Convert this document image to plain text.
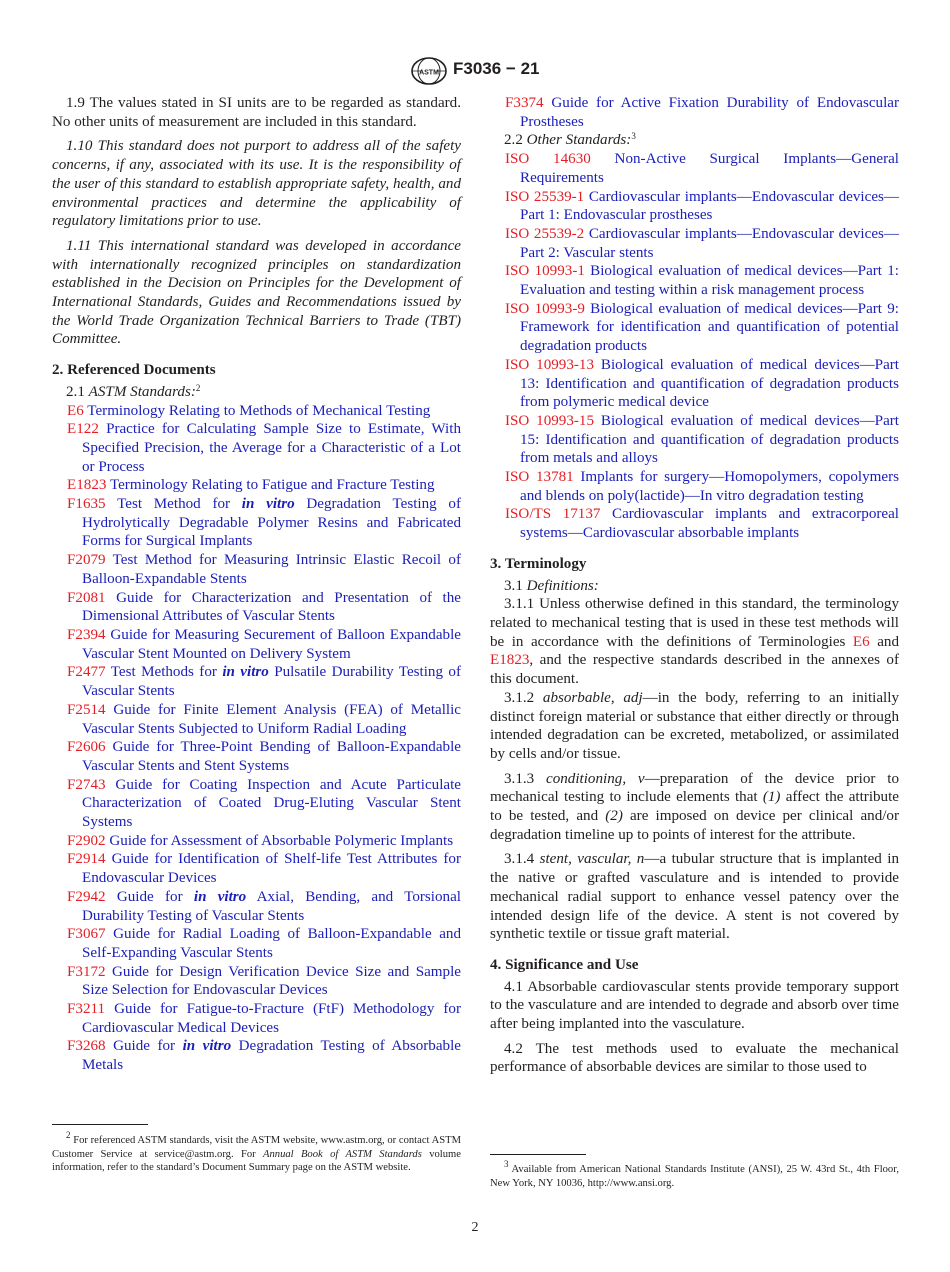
ASTM F3036 − 21

1.9 The values stated in SI units are to be regarded as standard. No other units of measurement are included in this standard.

1.10 This standard does not purport to address all of the safety concerns, if any, associated with its use. It is the responsibility of the user of this standard to establish appropriate safety, health, and environmental practices and determine the applicability of regulatory limitations prior to use.

1.11 This international standard was developed in accordance with internationally recognized principles on standardization established in the Decision on Principles for the Development of International Standards, Guides and Recommendations issued by the World Trade Organization Technical Barriers to Trade (TBT) Committee.

2. Referenced Documents

2.1 ASTM Standards:$^2$

E6 Terminology Relating to Methods of Mechanical Testing

E122 Practice for Calculating Sample Size to Estimate, With Specified Precision, the Average for a Characteristic of a Lot or Process

E1823 Terminology Relating to Fatigue and Fracture Testing

F1635 Test Method for in vitro Degradation Testing of Hydrolytically Degradable Polymer Resins and Fabricated Forms for Surgical Implants

F2079 Test Method for Measuring Intrinsic Elastic Recoil of Balloon-Expandable Stents

F2081 Guide for Characterization and Presentation of the Dimensional Attributes of Vascular Stents

F2394 Guide for Measuring Securement of Balloon Expandable Vascular Stent Mounted on Delivery System

F2477 Test Methods for in vitro Pulsatile Durability Testing of Vascular Stents

F2514 Guide for Finite Element Analysis (FEA) of Metallic Vascular Stents Subjected to Uniform Radial Loading

F2606 Guide for Three-Point Bending of Balloon-Expandable Vascular Stents and Stent Systems

F2743 Guide for Coating Inspection and Acute Particulate Characterization of Coated Drug-Eluting Vascular Stent Systems

F2902 Guide for Assessment of Absorbable Polymeric Implants

F2914 Guide for Identification of Shelf-life Test Attributes for Endovascular Devices

F2942 Guide for in vitro Axial, Bending, and Torsional Durability Testing of Vascular Stents

F3067 Guide for Radial Loading of Balloon-Expandable and Self-Expanding Vascular Stents

F3172 Guide for Design Verification Device Size and Sample Size Selection for Endovascular Devices

F3211 Guide for Fatigue-to-Fracture (FtF) Methodology for Cardiovascular Medical Devices

F3268 Guide for in vitro Degradation Testing of Absorbable Metals

$^2$ For referenced ASTM standards, visit the ASTM website, www.astm.org, or contact ASTM Customer Service at service@astm.org. For Annual Book of ASTM Standards volume information, refer to the standard’s Document Summary page on the ASTM website.

F3374 Guide for Active Fixation Durability of Endovascular Prostheses

2.2 Other Standards:$^3$

ISO 14630 Non-Active Surgical Implants—General Requirements

ISO 25539-1 Cardiovascular implants—Endovascular devices—Part 1: Endovascular prostheses

ISO 25539-2 Cardiovascular implants—Endovascular devices—Part 2: Vascular stents

ISO 10993-1 Biological evaluation of medical devices—Part 1: Evaluation and testing within a risk management process

ISO 10993-9 Biological evaluation of medical devices—Part 9: Framework for identification and quantification of potential degradation products

ISO 10993-13 Biological evaluation of medical devices—Part 13: Identification and quantification of degradation products from polymeric medical device

ISO 10993-15 Biological evaluation of medical devices—Part 15: Identification and quantification of degradation products from metals and alloys

ISO 13781 Implants for surgery—Homopolymers, copolymers and blends on poly(lactide)—In vitro degradation testing

ISO/TS 17137 Cardiovascular implants and extracorporeal systems—Cardiovascular absorbable implants

3. Terminology

3.1 Definitions:

3.1.1 Unless otherwise defined in this standard, the terminology related to mechanical testing that is used in these test methods will be in accordance with the definitions of Terminologies E6 and E1823, and the respective standards described in the annexes of this document.

3.1.2 absorbable, adj—in the body, referring to an initially distinct foreign material or substance that either directly or through intended degradation can be excreted, metabolized, or assimilated by cells and/or tissue.

3.1.3 conditioning, v—preparation of the device prior to mechanical testing to include elements that (1) affect the attribute to be tested, and (2) are imposed on device per clinical and/or degradation timeline up to points of interest for the attribute.

3.1.4 stent, vascular, n—a tubular structure that is implanted in the native or grafted vasculature and is intended to provide mechanical radial support to enhance vessel patency over the intended design life of the device. A stent is not covered by synthetic textile or tissue graft material.

4. Significance and Use

4.1 Absorbable cardiovascular stents provide temporary support to the vasculature and are intended to degrade and absorb over time after being implanted into the vasculature.

4.2 The test methods used to evaluate the mechanical performance of absorbable devices are similar to those used to

$^3$ Available from American National Standards Institute (ANSI), 25 W. 43rd St., 4th Floor, New York, NY 10036, http://www.ansi.org.
2
